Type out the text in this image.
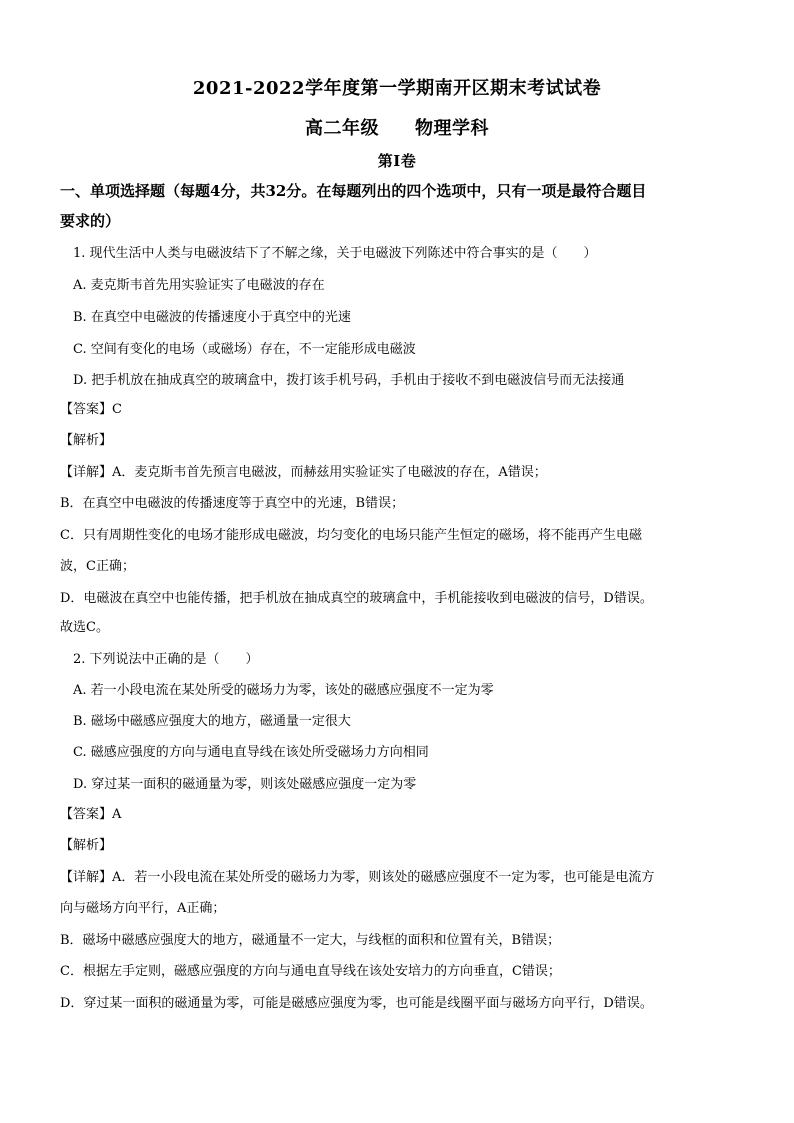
2021-2022学年度第一学期南开区期末考试试卷
高二年级 物理学科
第I卷
一、单项选择题（每题4分，共32分。在每题列出的四个选项中，只有一项是最符合题目
要求的）
1. 现代生活中人类与电磁波结下了不解之缘，关于电磁波下列陈述中符合事实的是（　　）
A. 麦克斯韦首先用实验证实了电磁波的存在
B. 在真空中电磁波的传播速度小于真空中的光速
C. 空间有变化的电场（或磁场）存在，不一定能形成电磁波
D. 把手机放在抽成真空的玻璃盒中，拨打该手机号码，手机由于接收不到电磁波信号而无法接通
【答案】C
【解析】
【详解】A．麦克斯韦首先预言电磁波，而赫兹用实验证实了电磁波的存在，A错误；
B．在真空中电磁波的传播速度等于真空中的光速，B错误；
C．只有周期性变化的电场才能形成电磁波，均匀变化的电场只能产生恒定的磁场，将不能再产生电磁
波，C正确；
D．电磁波在真空中也能传播，把手机放在抽成真空的玻璃盒中，手机能接收到电磁波的信号，D错误。
故选C。
2. 下列说法中正确的是（　　）
A. 若一小段电流在某处所受的磁场力为零，该处的磁感应强度不一定为零
B. 磁场中磁感应强度大的地方，磁通量一定很大
C. 磁感应强度的方向与通电直导线在该处所受磁场力方向相同
D. 穿过某一面积的磁通量为零，则该处磁感应强度一定为零
【答案】A
【解析】
【详解】A．若一小段电流在某处所受的磁场力为零，则该处的磁感应强度不一定为零，也可能是电流方
向与磁场方向平行，A正确；
B．磁场中磁感应强度大的地方，磁通量不一定大，与线框的面积和位置有关，B错误；
C．根据左手定则，磁感应强度的方向与通电直导线在该处安培力的方向垂直，C错误；
D．穿过某一面积的磁通量为零，可能是磁感应强度为零，也可能是线圈平面与磁场方向平行，D错误。
